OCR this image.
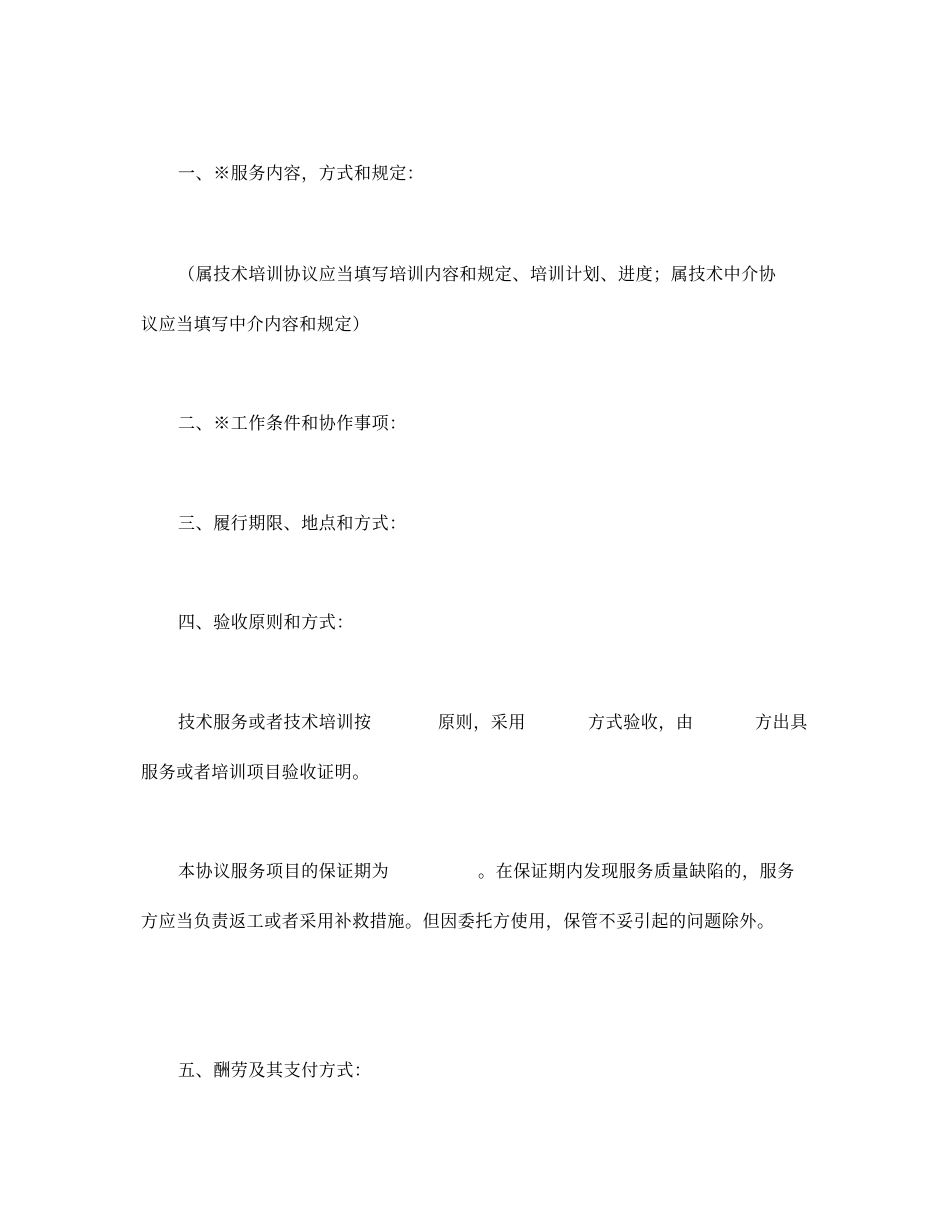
一、※服务内容，方式和规定：
（属技术培训协议应当填写培训内容和规定、培训计划、进度；属技术中介协
议应当填写中介内容和规定）
二、※工作条件和协作事项：
三、履行期限、地点和方式：
四、验收原则和方式：
技术服务或者技术培训按	原则，采用	方式验收，由	方出具
服务或者培训项目验收证明。
本协议服务项目的保证期为	。在保证期内发现服务质量缺陷的，服务
方应当负责返工或者采用补救措施。但因委托方使用，保管不妥引起的问题除外。
五、酬劳及其支付方式：
